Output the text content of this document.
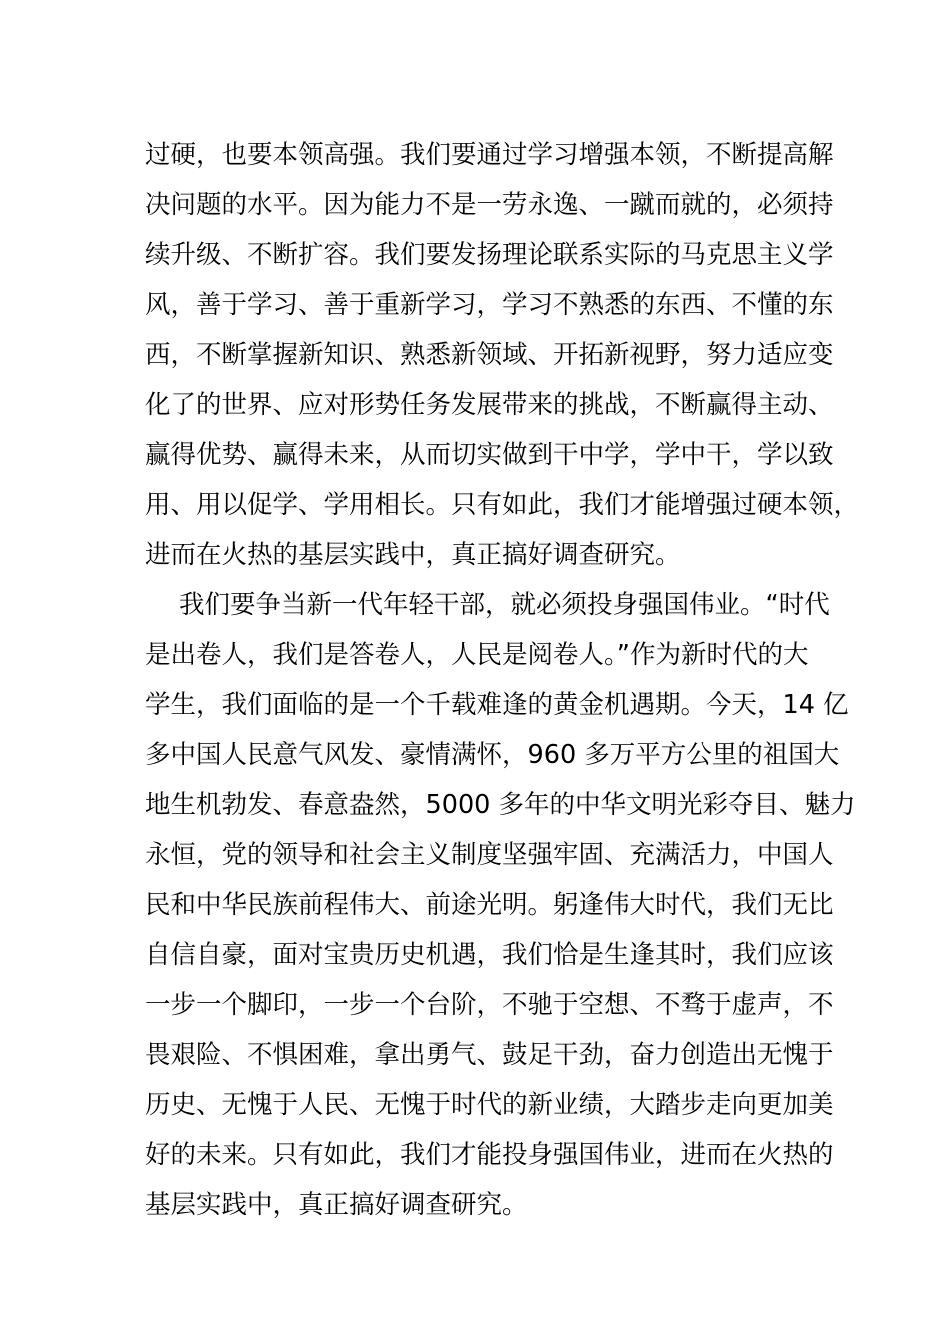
过硬，也要本领高强。我们要通过学习增强本领，不断提高解
决问题的水平。因为能力不是一劳永逸、一蹴而就的，必须持
续升级、不断扩容。我们要发扬理论联系实际的马克思主义学
风，善于学习、善于重新学习，学习不熟悉的东西、不懂的东
西，不断掌握新知识、熟悉新领域、开拓新视野，努力适应变
化了的世界、应对形势任务发展带来的挑战，不断赢得主动、
赢得优势、赢得未来，从而切实做到干中学，学中干，学以致
用、用以促学、学用相长。只有如此，我们才能增强过硬本领，
进而在火热的基层实践中，真正搞好调查研究。
我们要争当新一代年轻干部，就必须投身强国伟业。“时代
是出卷人，我们是答卷人，人民是阅卷人。”作为新时代的大
学生，我们面临的是一个千载难逢的黄金机遇期。今天，14 亿
多中国人民意气风发、豪情满怀，960 多万平方公里的祖国大
地生机勃发、春意盎然，5000 多年的中华文明光彩夺目、魅力
永恒，党的领导和社会主义制度坚强牢固、充满活力，中国人
民和中华民族前程伟大、前途光明。躬逢伟大时代，我们无比
自信自豪，面对宝贵历史机遇，我们恰是生逢其时，我们应该
一步一个脚印，一步一个台阶，不驰于空想、不骛于虚声，不
畏艰险、不惧困难，拿出勇气、鼓足干劲，奋力创造出无愧于
历史、无愧于人民、无愧于时代的新业绩，大踏步走向更加美
好的未来。只有如此，我们才能投身强国伟业，进而在火热的
基层实践中，真正搞好调查研究。
